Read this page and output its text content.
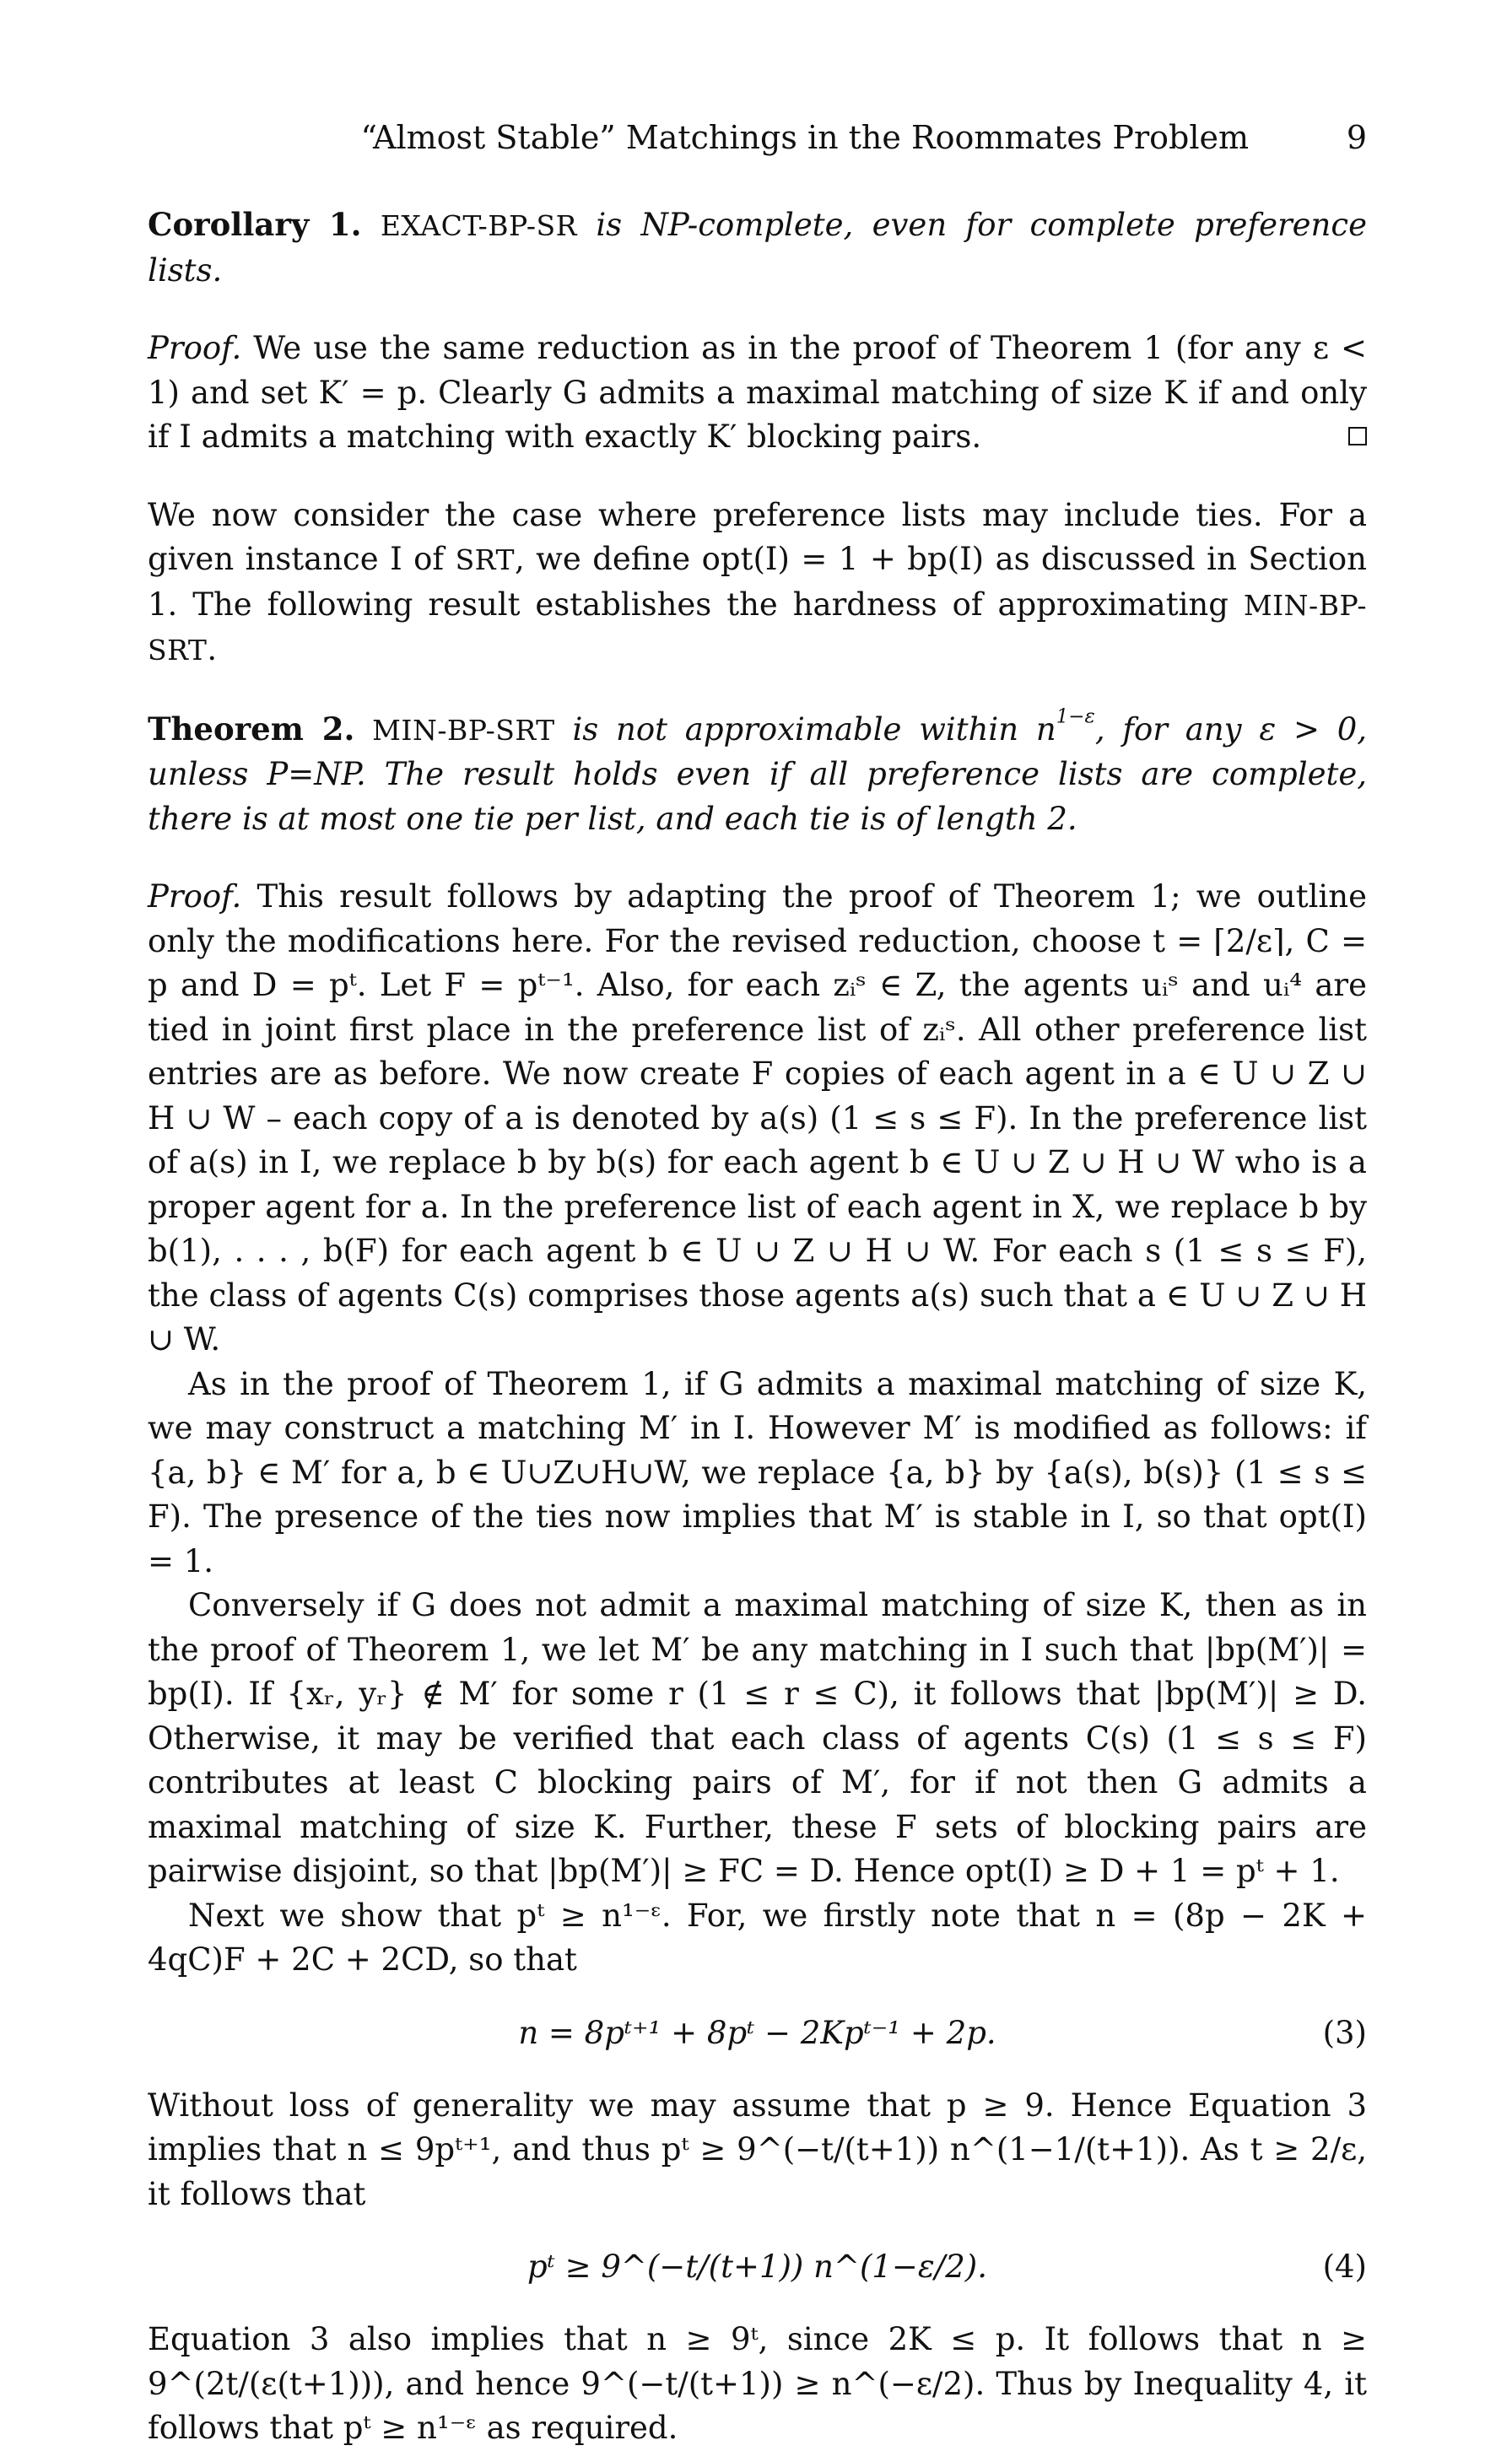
“Almost Stable” Matchings in the Roommates Problem	9

Corollary 1. EXACT-BP-SR is NP-complete, even for complete preference lists.

Proof. We use the same reduction as in the proof of Theorem 1 (for any ε < 1) and set K′ = p. Clearly G admits a maximal matching of size K if and only if I admits a matching with exactly K′ blocking pairs.

We now consider the case where preference lists may include ties. For a given instance I of SRT, we define opt(I) = 1 + bp(I) as discussed in Section 1. The following result establishes the hardness of approximating MIN-BP-SRT.

Theorem 2. MIN-BP-SRT is not approximable within $n^{1-\varepsilon}$, for any ε > 0, unless P=NP. The result holds even if all preference lists are complete, there is at most one tie per list, and each tie is of length 2.

Proof. This result follows by adapting the proof of Theorem 1; we outline only the modifications here. For the revised reduction, choose t = ⌈2/ε⌉, C = p and D = pᵗ. Let F = pᵗ⁻¹. Also, for each zᵢˢ ∈ Z, the agents uᵢˢ and uᵢ⁴ are tied in joint first place in the preference list of zᵢˢ. All other preference list entries are as before. We now create F copies of each agent in a ∈ U ∪ Z ∪ H ∪ W – each copy of a is denoted by a(s) (1 ≤ s ≤ F). In the preference list of a(s) in I, we replace b by b(s) for each agent b ∈ U ∪ Z ∪ H ∪ W who is a proper agent for a. In the preference list of each agent in X, we replace b by b(1), . . . , b(F) for each agent b ∈ U ∪ Z ∪ H ∪ W. For each s (1 ≤ s ≤ F), the class of agents C(s) comprises those agents a(s) such that a ∈ U ∪ Z ∪ H ∪ W.

As in the proof of Theorem 1, if G admits a maximal matching of size K, we may construct a matching M′ in I. However M′ is modified as follows: if {a, b} ∈ M′ for a, b ∈ U∪Z∪H∪W, we replace {a, b} by {a(s), b(s)} (1 ≤ s ≤ F). The presence of the ties now implies that M′ is stable in I, so that opt(I) = 1.

Conversely if G does not admit a maximal matching of size K, then as in the proof of Theorem 1, we let M′ be any matching in I such that |bp(M′)| = bp(I). If {xᵣ, yᵣ} ∉ M′ for some r (1 ≤ r ≤ C), it follows that |bp(M′)| ≥ D. Otherwise, it may be verified that each class of agents C(s) (1 ≤ s ≤ F) contributes at least C blocking pairs of M′, for if not then G admits a maximal matching of size K. Further, these F sets of blocking pairs are pairwise disjoint, so that |bp(M′)| ≥ FC = D. Hence opt(I) ≥ D + 1 = pᵗ + 1.

Next we show that pᵗ ≥ n¹⁻ᵋ. For, we firstly note that n = (8p − 2K + 4qC)F + 2C + 2CD, so that

n = 8pᵗ⁺¹ + 8pᵗ − 2Kpᵗ⁻¹ + 2p.	(3)

Without loss of generality we may assume that p ≥ 9. Hence Equation 3 implies that n ≤ 9pᵗ⁺¹, and thus pᵗ ≥ 9^(−t/(t+1)) n^(1−1/(t+1)). As t ≥ 2/ε, it follows that

pᵗ ≥ 9^(−t/(t+1)) n^(1−ε/2).	(4)

Equation 3 also implies that n ≥ 9ᵗ, since 2K ≤ p. It follows that n ≥ 9^(2t/(ε(t+1))), and hence 9^(−t/(t+1)) ≥ n^(−ε/2). Thus by Inequality 4, it follows that pᵗ ≥ n¹⁻ᵋ as required.
